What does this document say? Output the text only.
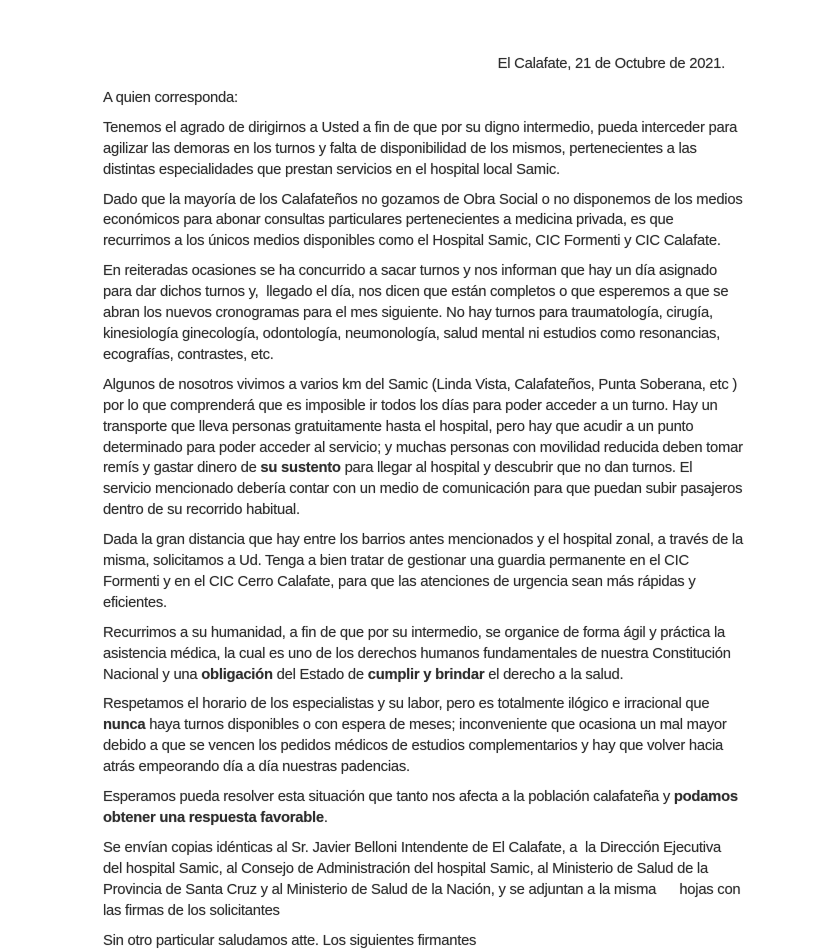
El Calafate, 21 de Octubre de 2021.
A quien corresponda:

Tenemos el agrado de dirigirnos a Usted a fin de que por su digno intermedio, pueda interceder para agilizar las demoras en los turnos y falta de disponibilidad de los mismos, pertenecientes a las distintas especialidades que prestan servicios en el hospital local Samic.

Dado que la mayoría de los Calafateños no gozamos de Obra Social o no disponemos de los medios económicos para abonar consultas particulares pertenecientes a medicina privada, es que recurrimos a los únicos medios disponibles como el Hospital Samic, CIC Formenti y CIC Calafate.

En reiteradas ocasiones se ha concurrido a sacar turnos y nos informan que hay un día asignado para dar dichos turnos y,  llegado el día, nos dicen que están completos o que esperemos a que se abran los nuevos cronogramas para el mes siguiente. No hay turnos para traumatología, cirugía, kinesiología ginecología, odontología, neumonología, salud mental ni estudios como resonancias, ecografías, contrastes, etc.

Algunos de nosotros vivimos a varios km del Samic (Linda Vista, Calafateños, Punta Soberana, etc ) por lo que comprenderá que es imposible ir todos los días para poder acceder a un turno. Hay un transporte que lleva personas gratuitamente hasta el hospital, pero hay que acudir a un punto determinado para poder acceder al servicio; y muchas personas con movilidad reducida deben tomar remís y gastar dinero de su sustento para llegar al hospital y descubrir que no dan turnos. El servicio mencionado debería contar con un medio de comunicación para que puedan subir pasajeros dentro de su recorrido habitual.

Dada la gran distancia que hay entre los barrios antes mencionados y el hospital zonal, a través de la misma, solicitamos a Ud. Tenga a bien tratar de gestionar una guardia permanente en el CIC Formenti y en el CIC Cerro Calafate, para que las atenciones de urgencia sean más rápidas y eficientes.

Recurrimos a su humanidad, a fin de que por su intermedio, se organice de forma ágil y práctica la asistencia médica, la cual es uno de los derechos humanos fundamentales de nuestra Constitución Nacional y una obligación del Estado de cumplir y brindar el derecho a la salud.

Respetamos el horario de los especialistas y su labor, pero es totalmente ilógico e irracional que nunca haya turnos disponibles o con espera de meses; inconveniente que ocasiona un mal mayor debido a que se vencen los pedidos médicos de estudios complementarios y hay que volver hacia atrás empeorando día a día nuestras padencias.

Esperamos pueda resolver esta situación que tanto nos afecta a la población calafateña y podamos obtener una respuesta favorable.

Se envían copias idénticas al Sr. Javier Belloni Intendente de El Calafate, a  la Dirección Ejecutiva del hospital Samic, al Consejo de Administración del hospital Samic, al Ministerio de Salud de la Provincia de Santa Cruz y al Ministerio de Salud de la Nación, y se adjuntan a la misma      hojas con las firmas de los solicitantes

Sin otro particular saludamos atte. Los siguientes firmantes
